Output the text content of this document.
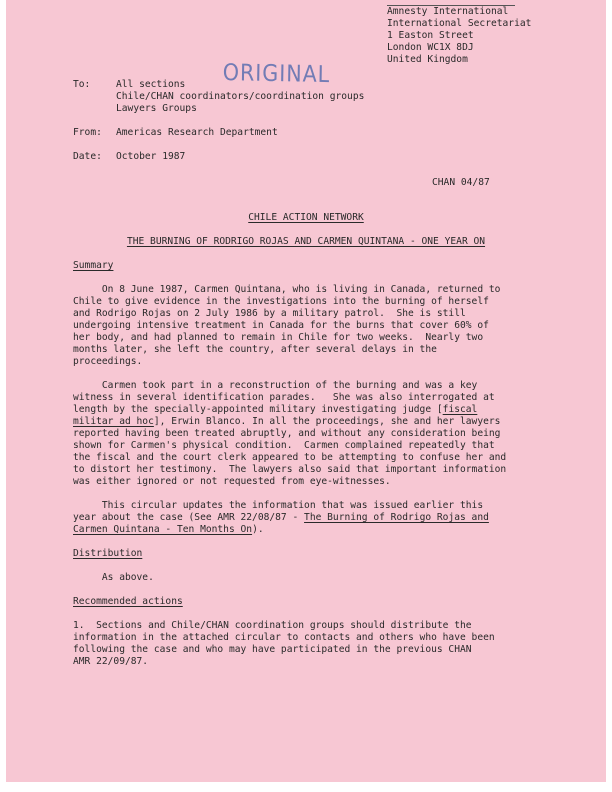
Amnesty International
International Secretariat
1 Easton Street
London WC1X 8DJ
United Kingdom
ORIGINAL
To:	All sections
Chile/CHAN coordinators/coordination groups
Lawyers Groups
From: Americas Research Department
Date: October 1987
CHAN 04/87
CHILE ACTION NETWORK
THE BURNING OF RODRIGO ROJAS AND CARMEN QUINTANA - ONE YEAR ON
Summary
On 8 June 1987, Carmen Quintana, who is living in Canada, returned to
Chile to give evidence in the investigations into the burning of herself
and Rodrigo Rojas on 2 July 1986 by a military patrol.  She is still
undergoing intensive treatment in Canada for the burns that cover 60% of
her body, and had planned to remain in Chile for two weeks.  Nearly two
months later, she left the country, after several delays in the
proceedings.
Carmen took part in a reconstruction of the burning and was a key
witness in several identification parades.   She was also interrogated at
length by the specially-appointed military investigating judge [fiscal
militar ad hoc], Erwin Blanco. In all the proceedings, she and her lawyers
reported having been treated abruptly, and without any consideration being
shown for Carmen's physical condition.  Carmen complained repeatedly that
the fiscal and the court clerk appeared to be attempting to confuse her and
to distort her testimony.  The lawyers also said that important information
was either ignored or not requested from eye-witnesses.
This circular updates the information that was issued earlier this
year about the case (See AMR 22/08/87 - The Burning of Rodrigo Rojas and
Carmen Quintana - Ten Months On).
Distribution
As above.
Recommended actions
1.  Sections and Chile/CHAN coordination groups should distribute the
information in the attached circular to contacts and others who have been
following the case and who may have participated in the previous CHAN
AMR 22/09/87.
